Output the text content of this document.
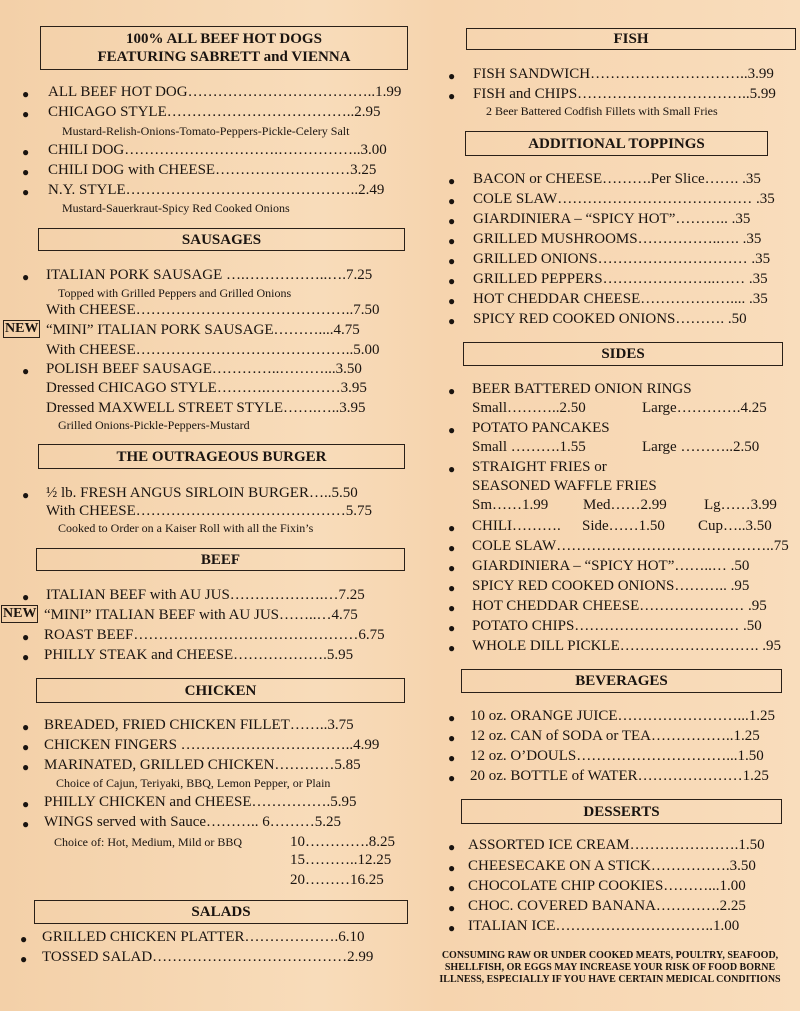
100% ALL BEEF HOT DOGS
FEATURING SABRETT and VIENNA
● ALL BEEF HOT DOG………………………………..1.99
● CHICAGO STYLE………………………………..2.95
Mustard-Relish-Onions-Tomato-Peppers-Pickle-Celery Salt
● CHILI DOG………………………….……………..3.00
● CHILI DOG with CHEESE………………………3.25
● N.Y. STYLE………………………………………..2.49
Mustard-Sauerkraut-Spicy Red Cooked Onions
SAUSAGES
● ITALIAN PORK SAUSAGE ….……………..….7.25
Topped with Grilled Peppers and Grilled Onions
With CHEESE……………………………………..7.50
NEW “MINI” ITALIAN PORK SAUSAGE………....4.75
With CHEESE……………………………………..5.00
● POLISH BEEF SAUSAGE…………..………...3.50
Dressed CHICAGO STYLE……….……………3.95
Dressed MAXWELL STREET STYLE…….…..3.95
Grilled Onions-Pickle-Peppers-Mustard
THE OUTRAGEOUS BURGER
● ½ lb. FRESH ANGUS SIRLOIN BURGER…..5.50
With CHEESE……………………………………5.75
Cooked to Order on a Kaiser Roll with all the Fixin’s
BEEF
● ITALIAN BEEF with AU JUS……………….…7.25
NEW “MINI” ITALIAN BEEF with AU JUS……..…4.75
● ROAST BEEF………………………………………6.75
● PHILLY STEAK and CHEESE……………….5.95
CHICKEN
● BREADED, FRIED CHICKEN FILLET……..3.75
● CHICKEN FINGERS ……………………………..4.99
● MARINATED, GRILLED CHICKEN…………5.85
Choice of Cajun, Teriyaki, BBQ, Lemon Pepper, or Plain
● PHILLY CHICKEN and CHEESE…………….5.95
● WINGS served with Sauce……….. 6………5.25
Choice of: Hot, Medium, Mild or BBQ	10………….8.25
15………..12.25
20………16.25
SALADS
● GRILLED CHICKEN PLATTER……………….6.10
● TOSSED SALAD…………………………………2.99
FISH
● FISH SANDWICH…………………………..3.99
● FISH and CHIPS……………………………..5.99
2 Beer Battered Codfish Fillets with Small Fries
ADDITIONAL TOPPINGS
● BACON or CHEESE……….Per Slice……. .35
● COLE SLAW………………………………… .35
● GIARDINIERA – “SPICY HOT”……….. .35
● GRILLED MUSHROOMS……………..…. .35
● GRILLED ONIONS………………………… .35
● GRILLED PEPPERS…………………..…… .35
● HOT CHEDDAR CHEESE……………….... .35
● SPICY RED COOKED ONIONS………. .50
SIDES
● BEER BATTERED ONION RINGS
Small………..2.50	Large………….4.25
● POTATO PANCAKES
Small ……….1.55	Large ………..2.50
● STRAIGHT FRIES or
SEASONED WAFFLE FRIES
Sm……1.99 Med……2.99 Lg……3.99
● CHILI………. Side……1.50 Cup…..3.50
● COLE SLAW……………………………………..75
● GIARDINIERA – “SPICY HOT”……..… .50
● SPICY RED COOKED ONIONS……….. .95
● HOT CHEDDAR CHEESE………………… .95
● POTATO CHIPS…………………………… .50
● WHOLE DILL PICKLE………………………. .95
BEVERAGES
● 10 oz. ORANGE JUICE……………………...1.25
● 12 oz. CAN of SODA or TEA……………..1.25
● 12 oz. O’DOULS…………………………...1.50
● 20 oz. BOTTLE of WATER…………………1.25
DESSERTS
● ASSORTED ICE CREAM………………….1.50
● CHEESECAKE ON A STICK…………….3.50
● CHOCOLATE CHIP COOKIES………...1.00
● CHOC. COVERED BANANA………….2.25
● ITALIAN ICE…………………………..1.00
CONSUMING RAW OR UNDER COOKED MEATS, POULTRY, SEAFOOD,
SHELLFISH, OR EGGS MAY INCREASE YOUR RISK OF FOOD BORNE
ILLNESS, ESPECIALLY IF YOU HAVE CERTAIN MEDICAL CONDITIONS
